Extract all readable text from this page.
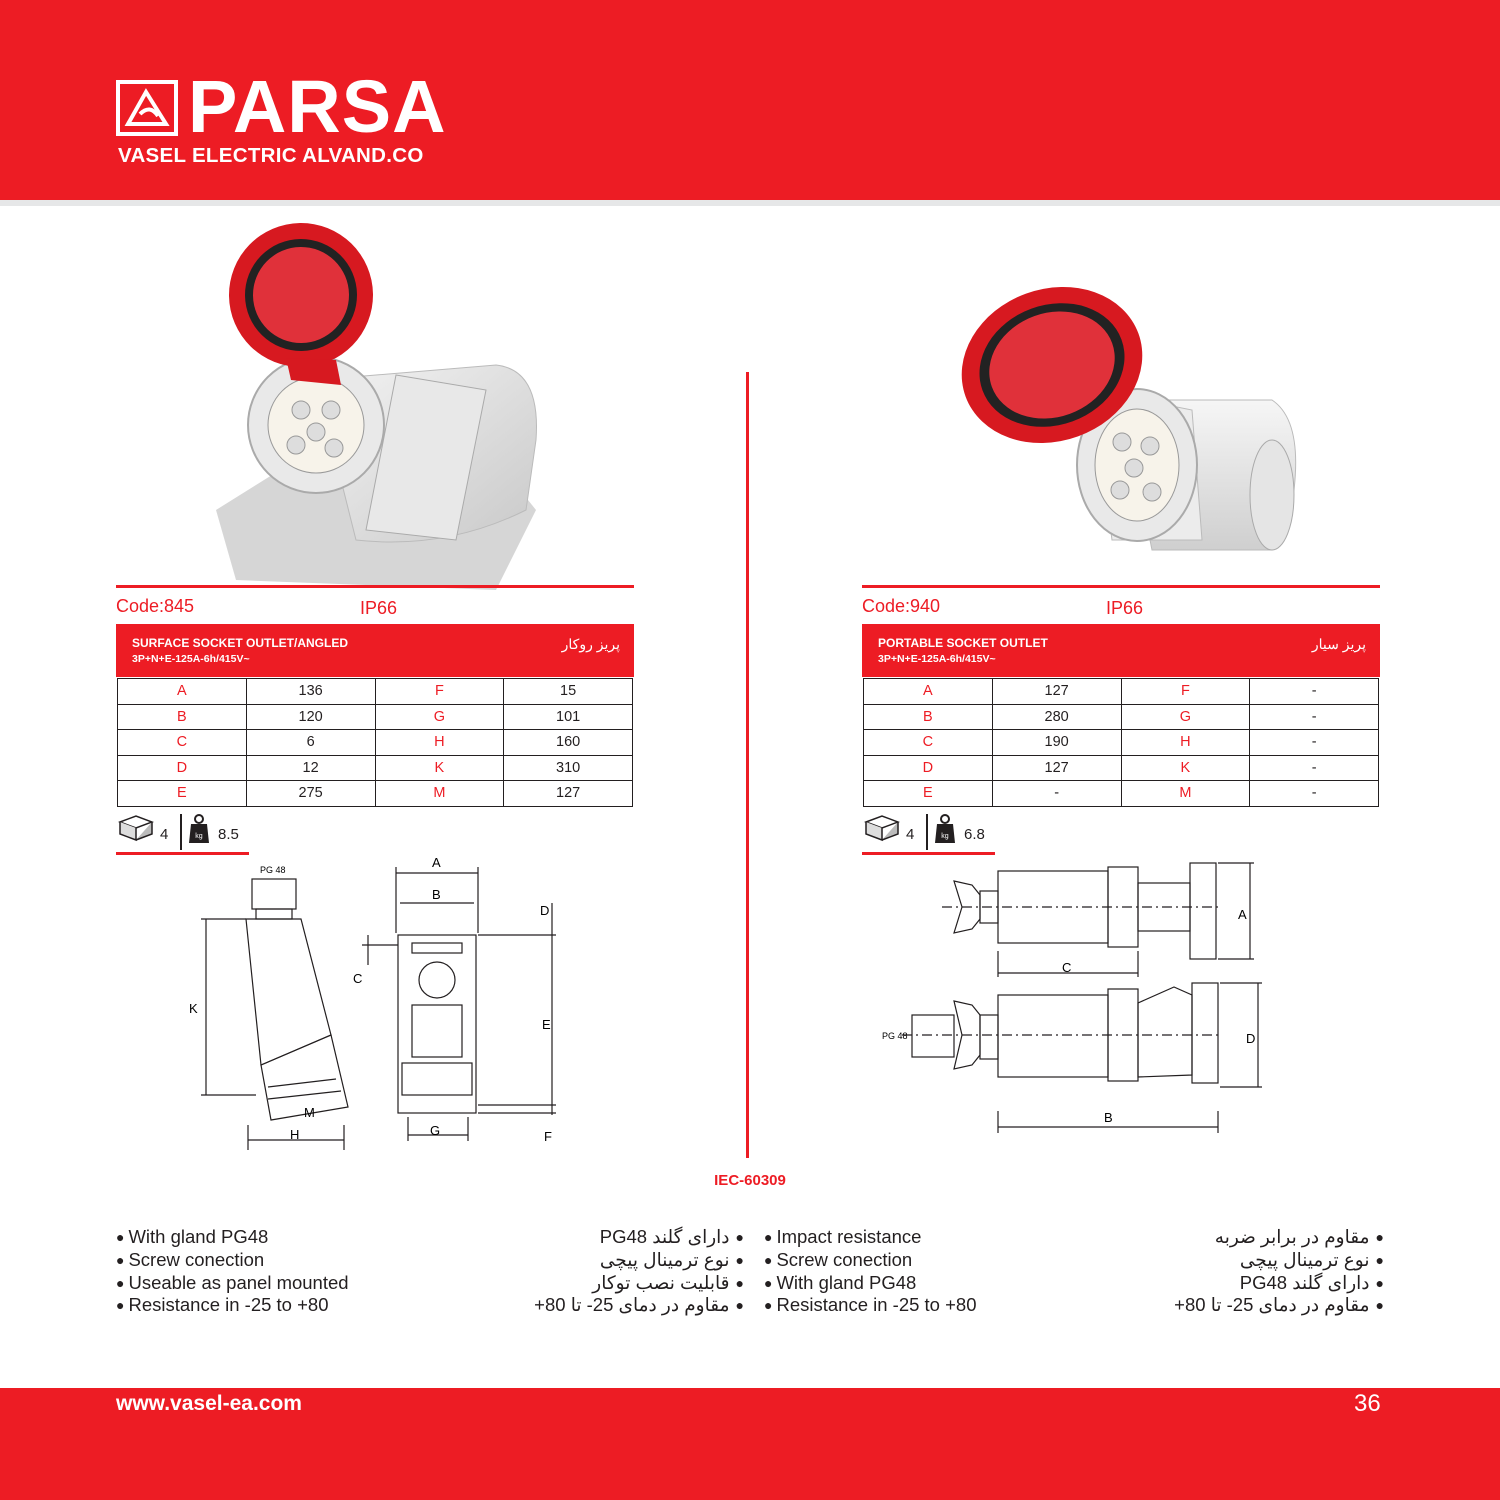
PARSA
VASEL ELECTRIC ALVAND.CO
Code:845	IP66
SURFACE SOCKET OUTLET/ANGLED
3P+N+E-125A-6h/415V~
پریز روکار
A	136	F	15
B	120	G	101
C	6	H	160
D	12	K	310
E	275	M	127
4	kg 8.5
PG 48
K
M
H
A
B
C
D
E
F
G
Code:940	IP66
PORTABLE SOCKET OUTLET
3P+N+E-125A-6h/415V~
پریز سیار
A	127	F	-
B	280	G	-
C	190	H	-
D	127	K	-
E	-	M	-
4	kg 6.8
PG 48
A
C
D
B
IEC-60309
● With gland PG48
● Screw conection
● Useable as panel mounted
● Resistance in -25 to +80
● دارای گلند PG48
● نوع ترمینال پیچی
● قابلیت نصب توکار
● مقاوم در دمای 25- تا 80+
● Impact resistance
● Screw conection
● With gland PG48
● Resistance in -25 to +80
● مقاوم در برابر ضربه
● نوع ترمینال پیچی
● دارای گلند PG48
● مقاوم در دمای 25- تا 80+
www.vasel-ea.com	36
